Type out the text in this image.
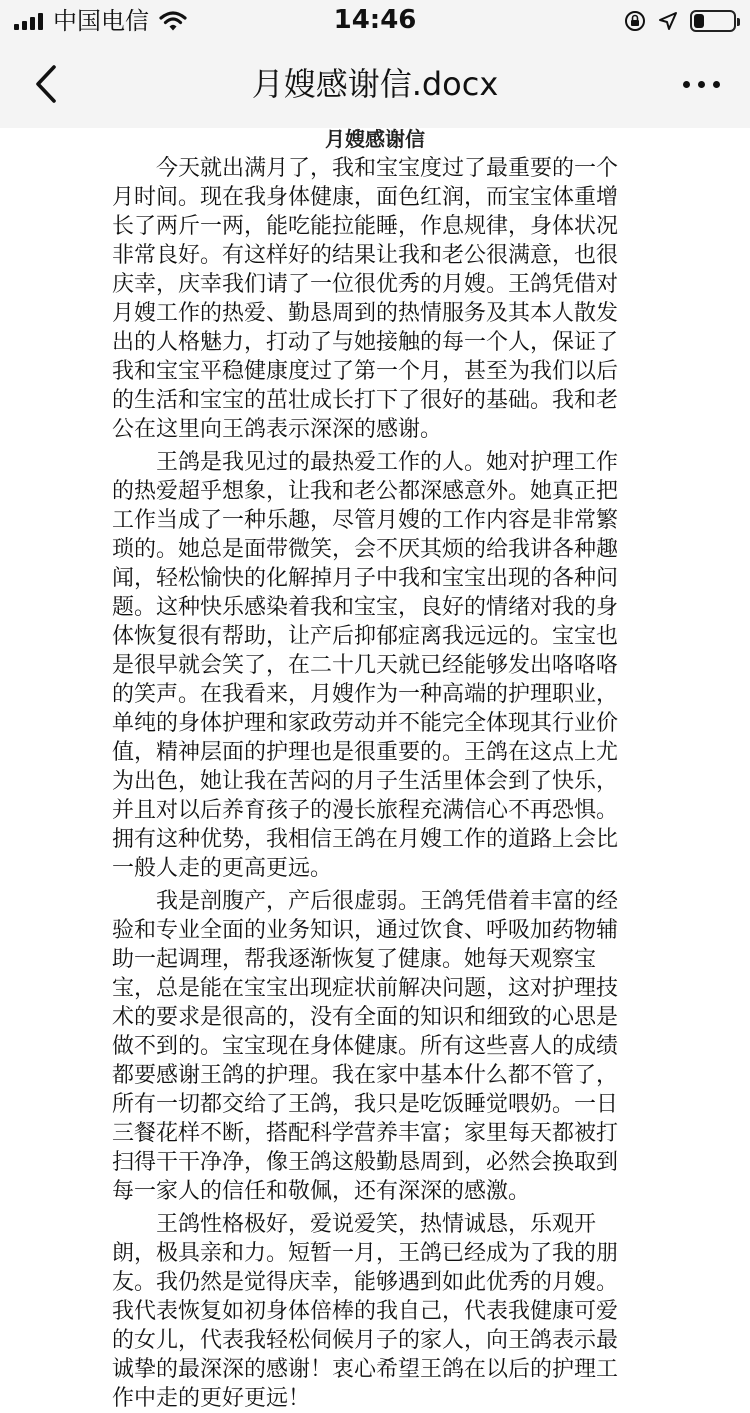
中国电信	14:46
月嫂感谢信.docx
月嫂感谢信

今天就出满月了，我和宝宝度过了最重要的一个月时间。现在我身体健康，面色红润，而宝宝体重增长了两斤一两，能吃能拉能睡，作息规律，身体状况非常良好。有这样好的结果让我和老公很满意，也很庆幸，庆幸我们请了一位很优秀的月嫂。王鸽凭借对月嫂工作的热爱、勤恳周到的热情服务及其本人散发出的人格魅力，打动了与她接触的每一个人，保证了我和宝宝平稳健康度过了第一个月，甚至为我们以后的生活和宝宝的茁壮成长打下了很好的基础。我和老公在这里向王鸽表示深深的感谢。

王鸽是我见过的最热爱工作的人。她对护理工作的热爱超乎想象，让我和老公都深感意外。她真正把工作当成了一种乐趣，尽管月嫂的工作内容是非常繁琐的。她总是面带微笑，会不厌其烦的给我讲各种趣闻，轻松愉快的化解掉月子中我和宝宝出现的各种问题。这种快乐感染着我和宝宝，良好的情绪对我的身体恢复很有帮助，让产后抑郁症离我远远的。宝宝也是很早就会笑了，在二十几天就已经能够发出咯咯咯的笑声。在我看来，月嫂作为一种高端的护理职业，单纯的身体护理和家政劳动并不能完全体现其行业价值，精神层面的护理也是很重要的。王鸽在这点上尤为出色，她让我在苦闷的月子生活里体会到了快乐，并且对以后养育孩子的漫长旅程充满信心不再恐惧。拥有这种优势，我相信王鸽在月嫂工作的道路上会比一般人走的更高更远。

我是剖腹产，产后很虚弱。王鸽凭借着丰富的经验和专业全面的业务知识，通过饮食、呼吸加药物辅助一起调理，帮我逐渐恢复了健康。她每天观察宝宝，总是能在宝宝出现症状前解决问题，这对护理技术的要求是很高的，没有全面的知识和细致的心思是做不到的。宝宝现在身体健康。所有这些喜人的成绩都要感谢王鸽的护理。我在家中基本什么都不管了，所有一切都交给了王鸽，我只是吃饭睡觉喂奶。一日三餐花样不断，搭配科学营养丰富；家里每天都被打扫得干干净净，像王鸽这般勤恳周到，必然会换取到每一家人的信任和敬佩，还有深深的感激。

王鸽性格极好，爱说爱笑，热情诚恳，乐观开朗，极具亲和力。短暂一月，王鸽已经成为了我的朋友。我仍然是觉得庆幸，能够遇到如此优秀的月嫂。我代表恢复如初身体倍棒的我自己，代表我健康可爱的女儿，代表我轻松伺候月子的家人，向王鸽表示最诚挚的最深深的感谢！衷心希望王鸽在以后的护理工作中走的更好更远！
